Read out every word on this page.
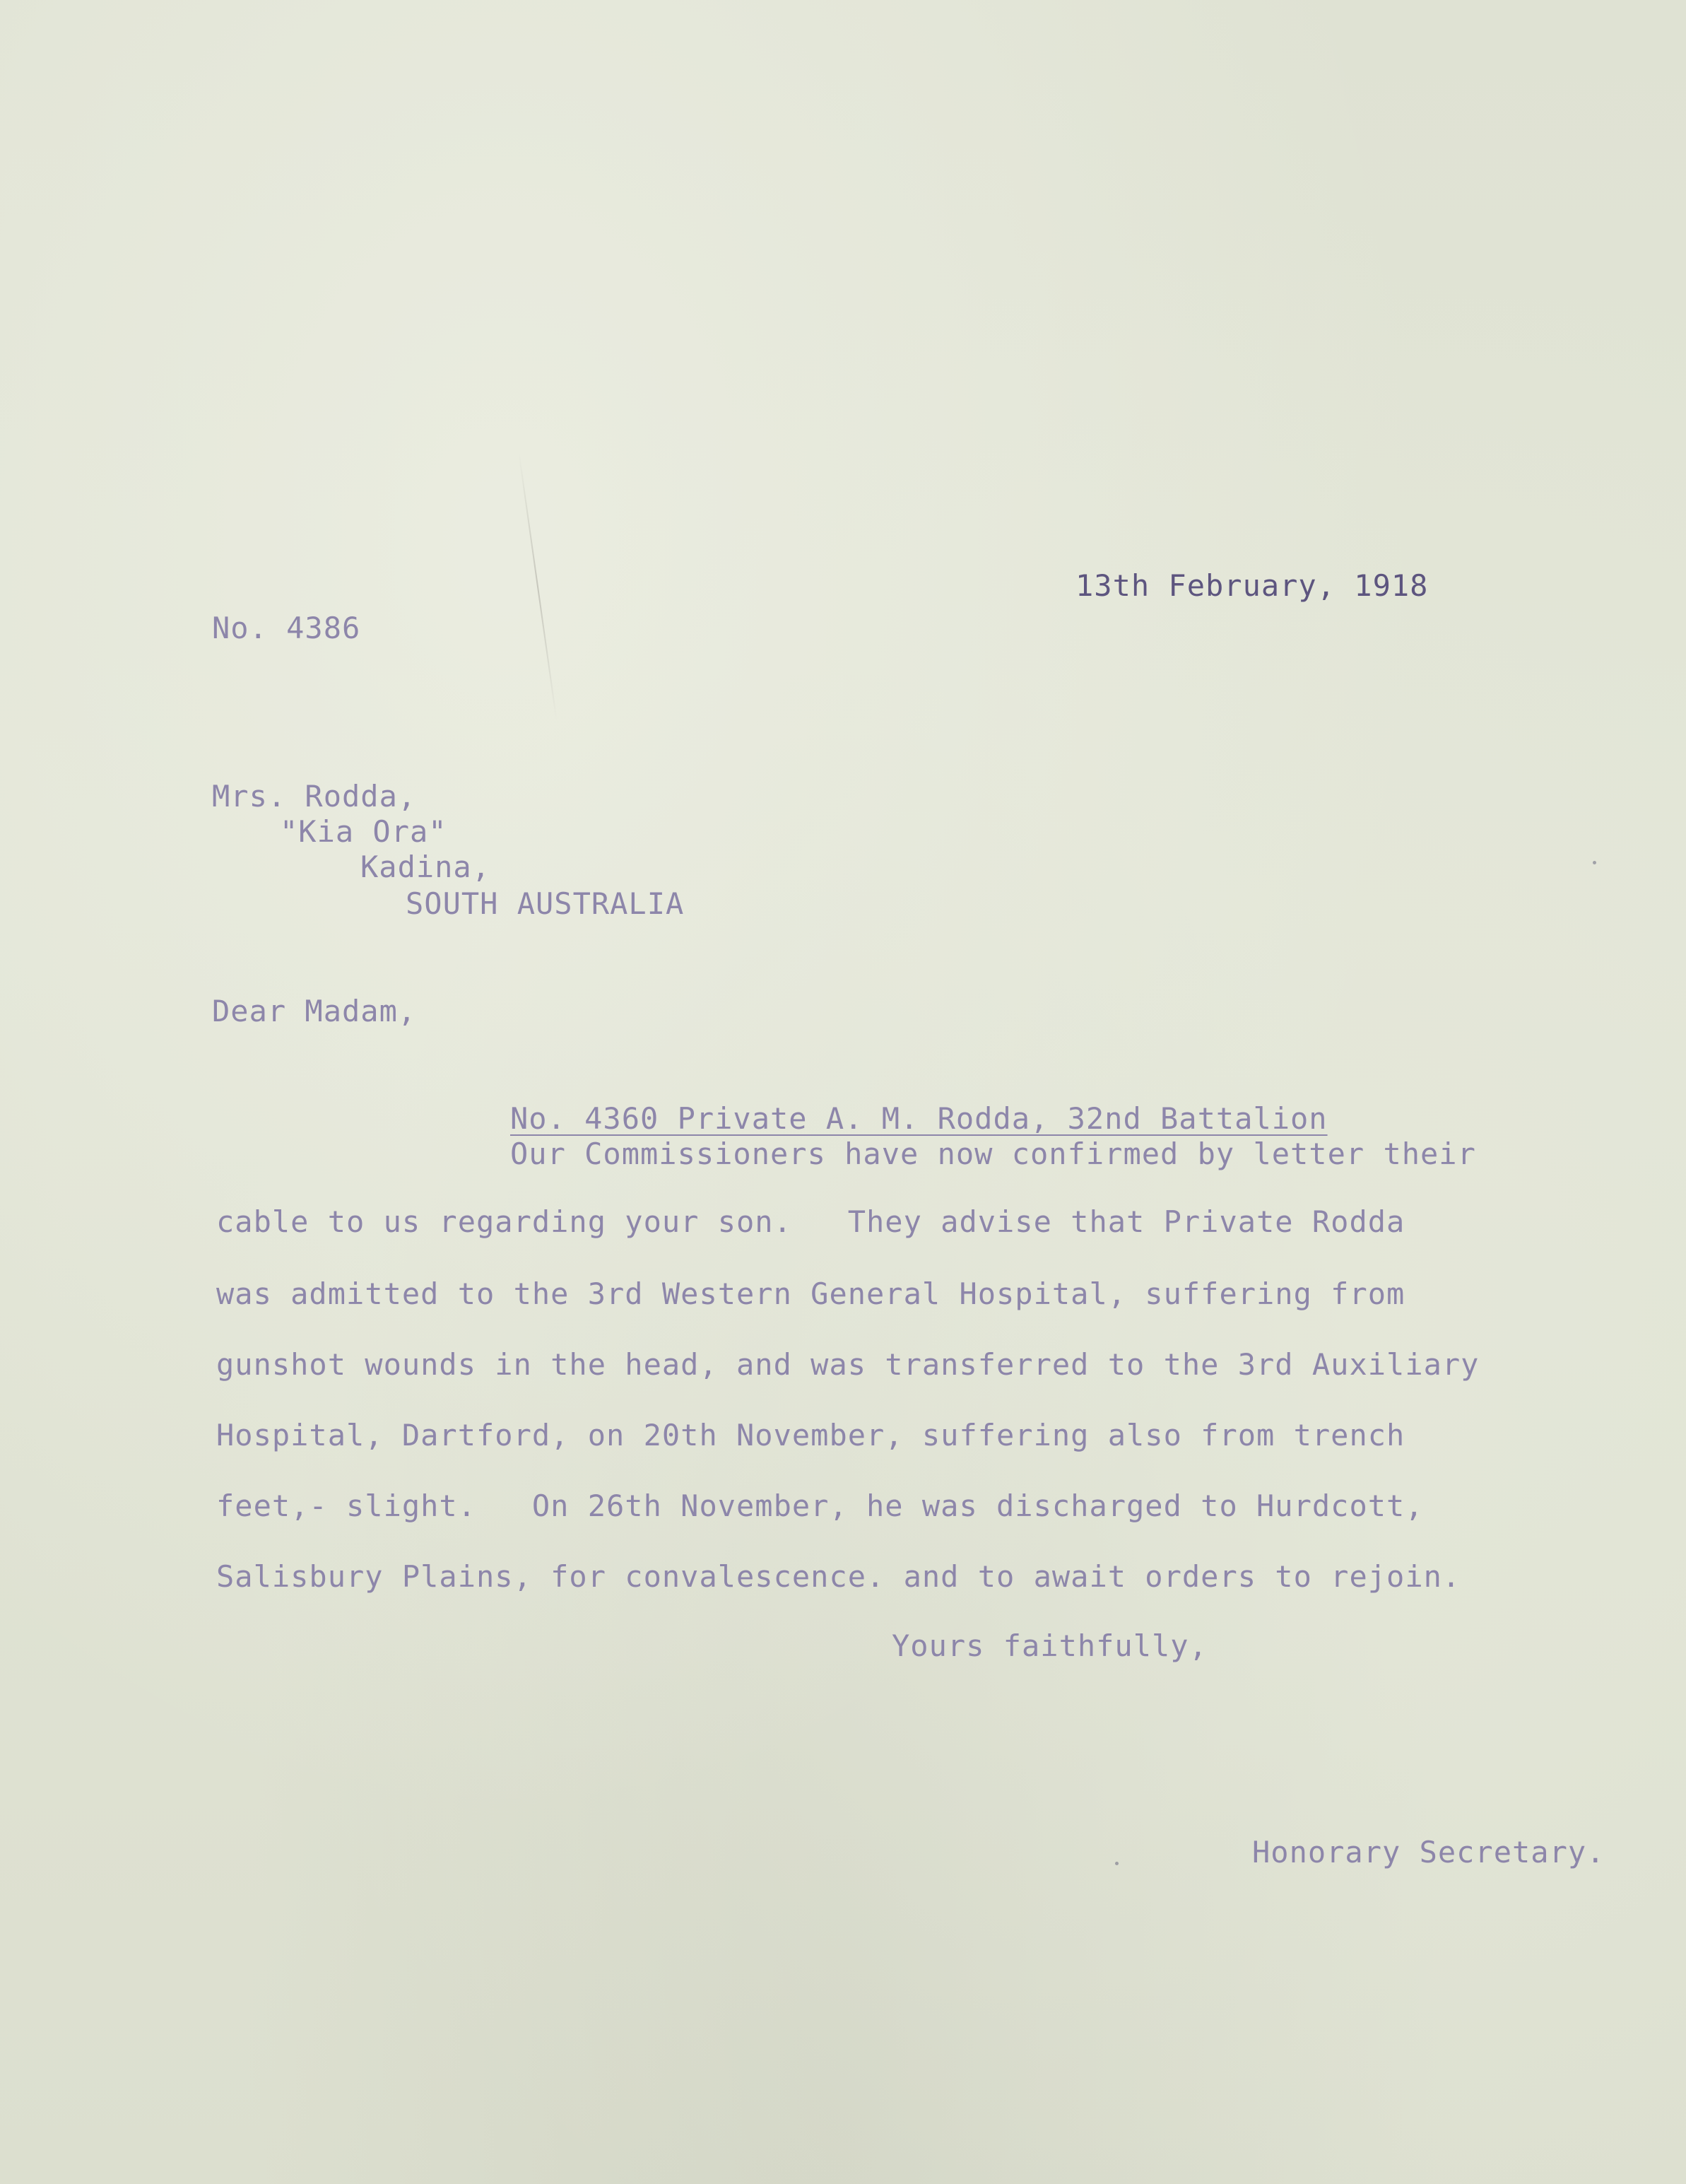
13th February, 1918
No. 4386
Mrs. Rodda,
"Kia Ora"
Kadina,
SOUTH AUSTRALIA
Dear Madam,
No. 4360 Private A. M. Rodda, 32nd Battalion
Our Commissioners have now confirmed by letter their
cable to us regarding your son.   They advise that Private Rodda
was admitted to the 3rd Western General Hospital, suffering from
gunshot wounds in the head, and was transferred to the 3rd Auxiliary
Hospital, Dartford, on 20th November, suffering also from trench
feet,- slight.   On 26th November, he was discharged to Hurdcott,
Salisbury Plains, for convalescence. and to await orders to rejoin.
Yours faithfully,
Honorary Secretary.
